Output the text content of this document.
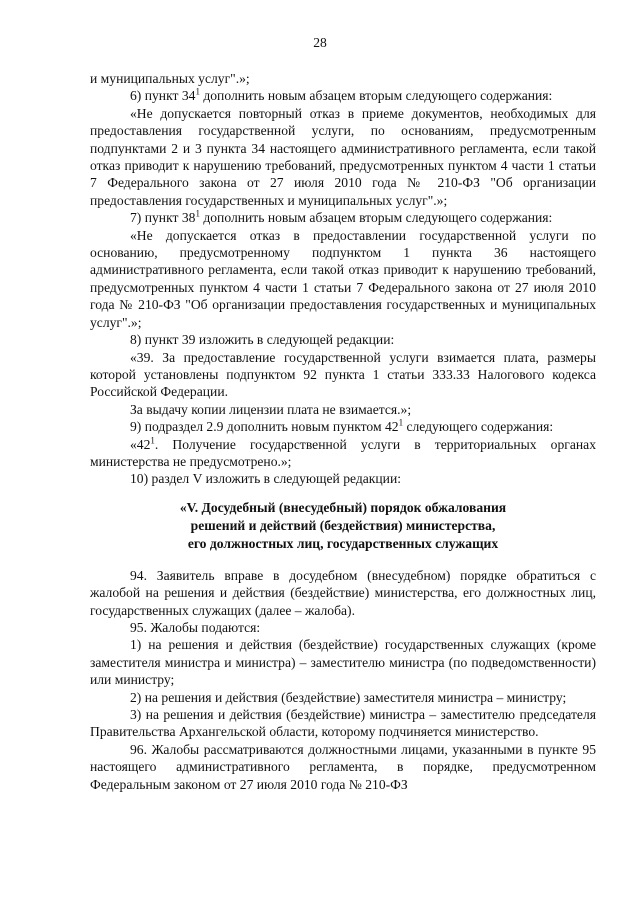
28

и муниципальных услуг".»;

6) пункт $34^1$ дополнить новым абзацем вторым следующего содержания:

«Не допускается повторный отказ в приеме документов, необходимых для предоставления государственной услуги, по основаниям, предусмотренным подпунктами 2 и 3 пункта 34 настоящего административного регламента, если такой отказ приводит к нарушению требований, предусмотренных пунктом 4 части 1 статьи 7 Федерального закона от 27 июля 2010 года № 210-ФЗ "Об организации предоставления государственных и муниципальных услуг".»;

7) пункт $38^1$ дополнить новым абзацем вторым следующего содержания:

«Не допускается отказ в предоставлении государственной услуги по основанию, предусмотренному подпунктом 1 пункта 36 настоящего административного регламента, если такой отказ приводит к нарушению требований, предусмотренных пунктом 4 части 1 статьи 7 Федерального закона от 27 июля 2010 года № 210-ФЗ "Об организации предоставления государственных и муниципальных услуг".»;

8) пункт 39 изложить в следующей редакции:

«39. За предоставление государственной услуги взимается плата, размеры которой установлены подпунктом 92 пункта 1 статьи 333.33 Налогового кодекса Российской Федерации.

За выдачу копии лицензии плата не взимается.»;

9) подраздел 2.9 дополнить новым пунктом $42^1$ следующего содержания:

«$42^1$. Получение государственной услуги в территориальных органах министерства не предусмотрено.»;

10) раздел V изложить в следующей редакции:

«V. Досудебный (внесудебный) порядок обжалования
решений и действий (бездействия) министерства,
его должностных лиц, государственных служащих

94. Заявитель вправе в досудебном (внесудебном) порядке обратиться с жалобой на решения и действия (бездействие) министерства, его должностных лиц, государственных служащих (далее – жалоба).

95. Жалобы подаются:

1) на решения и действия (бездействие) государственных служащих (кроме заместителя министра и министра) – заместителю министра (по подведомственности) или министру;

2) на решения и действия (бездействие) заместителя министра – министру;

3) на решения и действия (бездействие) министра – заместителю председателя Правительства Архангельской области, которому подчиняется министерство.

96. Жалобы рассматриваются должностными лицами, указанными в пункте 95 настоящего административного регламента, в порядке, предусмотренном Федеральным законом от 27 июля 2010 года № 210-ФЗ
